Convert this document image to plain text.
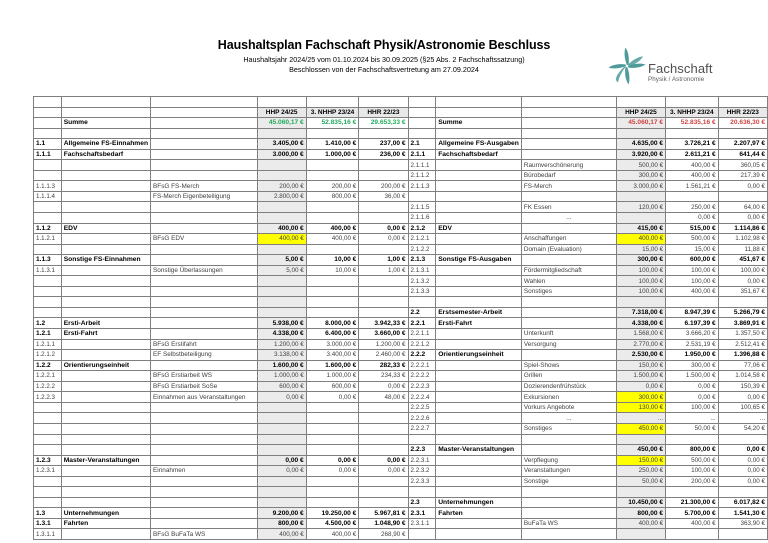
Haushaltsplan Fachschaft Physik/Astronomie Beschluss
Haushaltsjahr 2024/25 vom 01.10.2024 bis 30.09.2025 (§25 Abs. 2 Fachschaftssatzung)
Beschlossen von der Fachschaftsvertretung am 27.09.2024	Fachschaft
Physik / Astronomie

			HHP 24/25	3. NHHP 23/24	HHR 22/23				HHP 24/25	3. NHHP 23/24	HHR 22/23
	Summe		45.060,17 €	52.835,16 €	29.653,33 €		Summe		45.060,17 €	52.835,16 €	20.636,30 €

1.1	Allgemeine FS-Einnahmen		3.405,00 €	1.410,00 €	237,00 €	2.1	Allgemeine FS-Ausgaben		4.635,00 €	3.726,21 €	2.207,97 €
1.1.1	Fachschaftsbedarf		3.000,00 €	1.000,00 €	236,00 €	2.1.1	Fachschaftsbedarf		3.920,00 €	2.611,21 €	641,44 €
						2.1.1.1		Raumverschönerung	500,00 €	400,00 €	360,05 €
						2.1.1.2		Bürobedarf	300,00 €	400,00 €	217,39 €
1.1.1.3		BFsG FS-Merch	200,00 €	200,00 €	200,00 €	2.1.1.3		FS-Merch	3.000,00 €	1.561,21 €	0,00 €
1.1.1.4		FS-Merch Eigenbeteiligung	2.800,00 €	800,00 €	36,00 €						
						2.1.1.5		FK Essen	120,00 €	250,00 €	64,00 €
						2.1.1.6		...		0,00 €	0,00 €
1.1.2	EDV		400,00 €	400,00 €	0,00 €	2.1.2	EDV		415,00 €	515,00 €	1.114,86 €
1.1.2.1		BFsG EDV	400,00 €	400,00 €	0,00 €	2.1.2.1		Anschaffungen	400,00 €	500,00 €	1.102,98 €
						2.1.2.2		Domain (Evaluation)	15,00 €	15,00 €	11,88 €
1.1.3	Sonstige FS-Einnahmen		5,00 €	10,00 €	1,00 €	2.1.3	Sonstige FS-Ausgaben		300,00 €	600,00 €	451,67 €
1.1.3.1		Sonstige Überlassungen	5,00 €	10,00 €	1,00 €	2.1.3.1		Fördermitgliedschaft	100,00 €	100,00 €	100,00 €
						2.1.3.2		Wahlen	100,00 €	100,00 €	0,00 €
						2.1.3.3		Sonstiges	100,00 €	400,00 €	351,67 €

						2.2	Erstsemester-Arbeit		7.318,00 €	8.947,39 €	5.266,79 €
1.2	Ersti-Arbeit		5.938,00 €	8.000,00 €	3.942,33 €	2.2.1	Ersti-Fahrt		4.338,00 €	6.197,39 €	3.869,91 €
1.2.1	Ersti-Fahrt		4.338,00 €	6.400,00 €	3.660,00 €	2.2.1.1		Unterkunft	1.568,00 €	3.666,20 €	1.357,50 €
1.2.1.1		BFsG Erstifahrt	1.200,00 €	3.000,00 €	1.200,00 €	2.2.1.2		Versorgung	2.770,00 €	2.531,19 €	2.512,41 €
1.2.1.2		EF Selbstbeteiligung	3.138,00 €	3.400,00 €	2.460,00 €	2.2.2	Orientierungseinheit		2.530,00 €	1.950,00 €	1.396,88 €
1.2.2	Orientierungseinheit		1.600,00 €	1.600,00 €	282,33 €	2.2.2.1		Spiel-Shows	150,00 €	300,00 €	77,06 €
1.2.2.1		BFsG Erstiarbeit WS	1.000,00 €	1.000,00 €	234,33 €	2.2.2.2		Grillen	1.500,00 €	1.500,00 €	1.014,58 €
1.2.2.2		BFsG Erstiarbeit SoSe	600,00 €	600,00 €	0,00 €	2.2.2.3		Dozierendenfrühstück	0,00 €	0,00 €	150,39 €
1.2.2.3		Einnahmen aus Veranstaltungen	0,00 €	0,00 €	48,00 €	2.2.2.4		Exkursionen	300,00 €	0,00 €	0,00 €
						2.2.2.5		Vorkurs Angebote	130,00 €	100,00 €	100,65 €
						2.2.2.6		...	...	...	...
						2.2.2.7		Sonstiges	450,00 €	50,00 €	54,20 €

						2.2.3	Master-Veranstaltungen		450,00 €	800,00 €	0,00 €
1.2.3	Master-Veranstaltungen		0,00 €	0,00 €	0,00 €	2.2.3.1		Verpflegung	150,00 €	500,00 €	0,00 €
1.2.3.1		Einnahmen	0,00 €	0,00 €	0,00 €	2.2.3.2		Veranstaltungen	250,00 €	100,00 €	0,00 €
						2.2.3.3		Sonstige	50,00 €	200,00 €	0,00 €

						2.3	Unternehmungen		10.450,00 €	21.300,00 €	6.017,82 €
1.3	Unternehmungen		9.200,00 €	19.250,00 €	5.967,81 €	2.3.1	Fahrten		800,00 €	5.700,00 €	1.541,30 €
1.3.1	Fahrten		800,00 €	4.500,00 €	1.048,90 €	2.3.1.1		BuFaTa WS	400,00 €	400,00 €	363,90 €
1.3.1.1		BFsG BuFaTa WS	400,00 €	400,00 €	268,90 €						
